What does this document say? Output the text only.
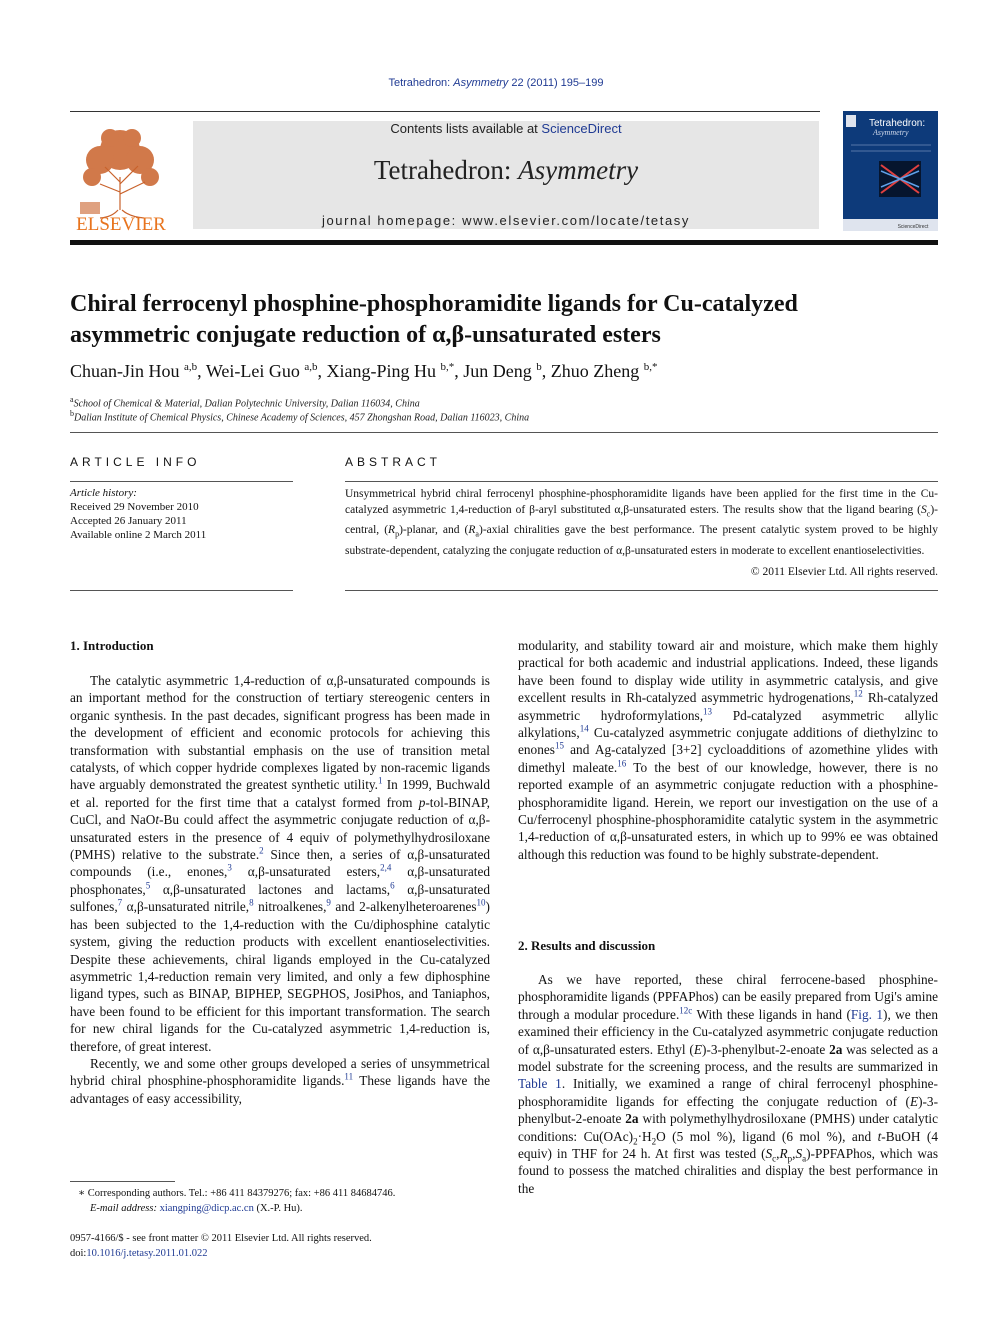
Tetrahedron: Asymmetry 22 (2011) 195–199
ELSEVIER
Contents lists available at ScienceDirect
Tetrahedron: Asymmetry
journal homepage: www.elsevier.com/locate/tetasy
Tetrahedron:
Asymmetry
ScienceDirect
Chiral ferrocenyl phosphine-phosphoramidite ligands for Cu-catalyzed
asymmetric conjugate reduction of α,β-unsaturated esters
Chuan-Jin Hou $^{a,b}$, Wei-Lei Guo $^{a,b}$, Xiang-Ping Hu $^{b,*}$, Jun Deng $^b$, Zhuo Zheng $^{b,*}$
$^a$School of Chemical & Material, Dalian Polytechnic University, Dalian 116034, China
$^b$Dalian Institute of Chemical Physics, Chinese Academy of Sciences, 457 Zhongshan Road, Dalian 116023, China
ARTICLE INFO
Article history:
Received 29 November 2010
Accepted 26 January 2011
Available online 2 March 2011
ABSTRACT
Unsymmetrical hybrid chiral ferrocenyl phosphine-phosphoramidite ligands have been applied for the first time in the Cu-catalyzed asymmetric 1,4-reduction of β-aryl substituted α,β-unsaturated esters. The results show that the ligand bearing $(S_c)$-central, $(R_p)$-planar, and $(R_a)$-axial chiralities gave the best performance. The present catalytic system proved to be highly substrate-dependent, catalyzing the conjugate reduction of α,β-unsaturated esters in moderate to excellent enantioselectivities.
© 2011 Elsevier Ltd. All rights reserved.
1. Introduction

The catalytic asymmetric 1,4-reduction of α,β-unsaturated compounds is an important method for the construction of tertiary stereogenic centers in organic synthesis. In the past decades, significant progress has been made in the development of efficient and economic protocols for achieving this transformation with substantial emphasis on the use of transition metal catalysts, of which copper hydride complexes ligated by non-racemic ligands have arguably demonstrated the greatest synthetic utility.$^1$ In 1999, Buchwald et al. reported for the first time that a catalyst formed from p-tol-BINAP, CuCl, and NaOt-Bu could affect the asymmetric conjugate reduction of α,β-unsaturated esters in the presence of 4 equiv of polymethylhydrosiloxane (PMHS) relative to the substrate.$^2$ Since then, a series of α,β-unsaturated compounds (i.e., enones,$^3$ α,β-unsaturated esters,$^{2,4}$ α,β-unsaturated phosphonates,$^5$ α,β-unsaturated lactones and lactams,$^6$ α,β-unsaturated sulfones,$^7$ α,β-unsaturated nitrile,$^8$ nitroalkenes,$^9$ and 2-alkenylheteroarenes$^{10}$) has been subjected to the 1,4-reduction with the Cu/diphosphine catalytic system, giving the reduction products with excellent enantioselectivities. Despite these achievements, chiral ligands employed in the Cu-catalyzed asymmetric 1,4-reduction remain very limited, and only a few diphosphine ligand types, such as BINAP, BIPHEP, SEGPHOS, JosiPhos, and Taniaphos, have been found to be efficient for this important transformation. The search for new chiral ligands for the Cu-catalyzed asymmetric 1,4-reduction is, therefore, of great interest.

Recently, we and some other groups developed a series of unsymmetrical hybrid chiral phosphine-phosphoramidite ligands.$^{11}$ These ligands have the advantages of easy accessibility,

∗ Corresponding authors. Tel.: +86 411 84379276; fax: +86 411 84684746.
E-mail address: xiangping@dicp.ac.cn (X.-P. Hu).
0957-4166/$ - see front matter © 2011 Elsevier Ltd. All rights reserved.
doi:10.1016/j.tetasy.2011.01.022

modularity, and stability toward air and moisture, which make them highly practical for both academic and industrial applications. Indeed, these ligands have been found to display wide utility in asymmetric catalysis, and give excellent results in Rh-catalyzed asymmetric hydrogenations,$^{12}$ Rh-catalyzed asymmetric hydroformylations,$^{13}$ Pd-catalyzed asymmetric allylic alkylations,$^{14}$ Cu-catalyzed asymmetric conjugate additions of diethylzinc to enones$^{15}$ and Ag-catalyzed [3+2] cycloadditions of azomethine ylides with dimethyl maleate.$^{16}$ To the best of our knowledge, however, there is no reported example of an asymmetric conjugate reduction with a phosphine-phosphoramidite ligand. Herein, we report our investigation on the use of a Cu/ferrocenyl phosphine-phosphoramidite catalytic system in the asymmetric 1,4-reduction of α,β-unsaturated esters, in which up to 99% ee was obtained although this reduction was found to be highly substrate-dependent.

2. Results and discussion

As we have reported, these chiral ferrocene-based phosphine-phosphoramidite ligands (PPFAPhos) can be easily prepared from Ugi's amine through a modular procedure.$^{12c}$ With these ligands in hand (Fig. 1), we then examined their efficiency in the Cu-catalyzed asymmetric conjugate reduction of α,β-unsaturated esters. Ethyl (E)-3-phenylbut-2-enoate 2a was selected as a model substrate for the screening process, and the results are summarized in Table 1. Initially, we examined a range of chiral ferrocenyl phosphine-phosphoramidite ligands for effecting the conjugate reduction of (E)-3-phenylbut-2-enoate 2a with polymethylhydrosiloxane (PMHS) under catalytic conditions: $Cu(OAc)_2\cdot H_2O$ (5 mol %), ligand (6 mol %), and t-BuOH (4 equiv) in THF for 24 h. At first was tested $(S_c,R_p,S_a)$-PPFAPhos, which was found to possess the matched chiralities and display the best performance in the
